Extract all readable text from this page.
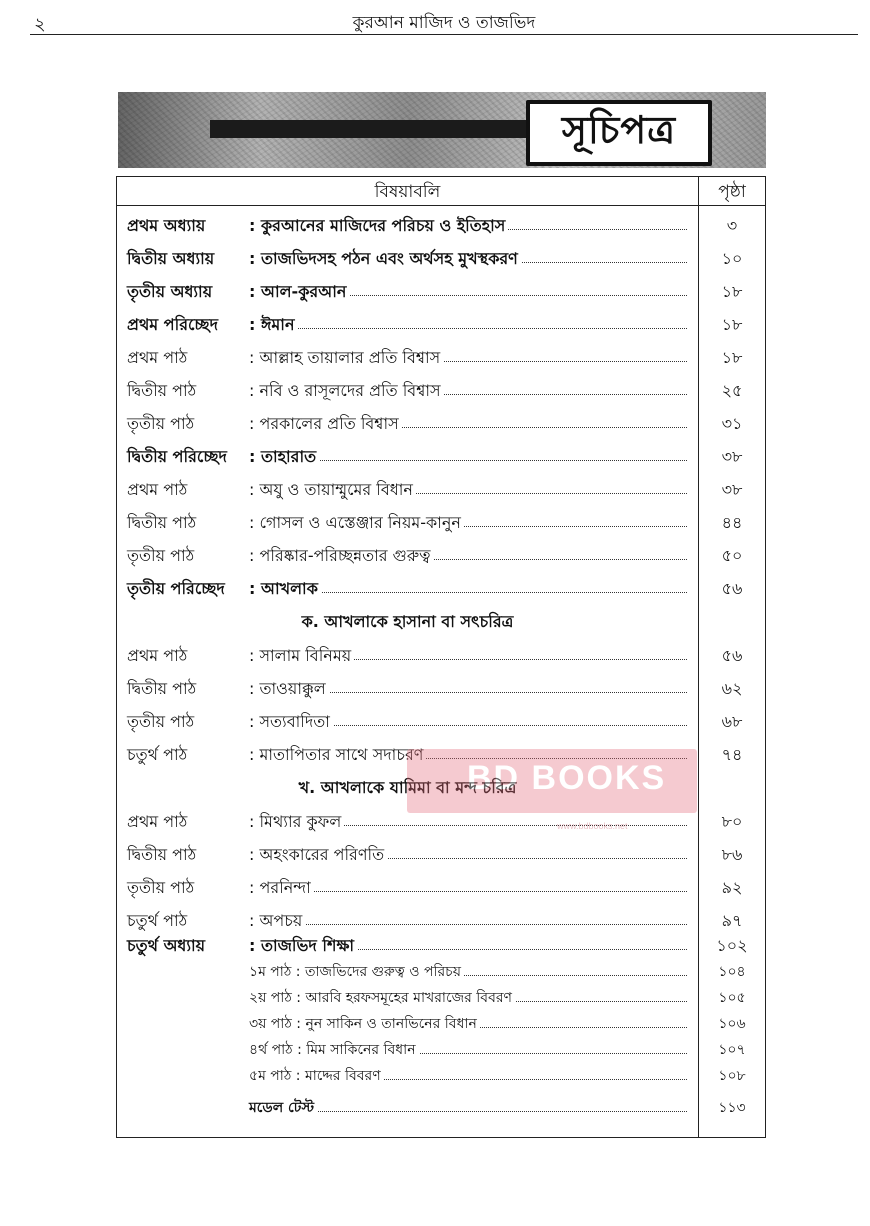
২	কুরআন মাজিদ ও তাজভিদ
সূচিপত্র
বিষয়াবলি	পৃষ্ঠা
BD BOOKS
www.bdbooks.net
প্রথম অধ্যায়	: কুরআনের মাজিদের পরিচয় ও ইতিহাস	৩
দ্বিতীয় অধ্যায় : তাজভিদসহ পঠন এবং অর্থসহ মুখস্থকরণ	১০
তৃতীয় অধ্যায় : আল-কুরআন	১৮
প্রথম পরিচ্ছেদ : ঈমান	১৮
প্রথম পাঠ	: আল্লাহ তায়ালার প্রতি বিশ্বাস	১৮
দ্বিতীয় পাঠ	: নবি ও রাসূলদের প্রতি বিশ্বাস	২৫
তৃতীয় পাঠ	: পরকালের প্রতি বিশ্বাস	৩১
দ্বিতীয় পরিচ্ছেদ : তাহারাত	৩৮
প্রথম পাঠ	: অযু ও তায়াম্মুমের বিধান	৩৮
দ্বিতীয় পাঠ	: গোসল ও এস্তেঞ্জার নিয়ম-কানুন	৪৪
তৃতীয় পাঠ	: পরিষ্কার-পরিচ্ছন্নতার গুরুত্ব	৫০
তৃতীয় পরিচ্ছেদ : আখলাক	৫৬
ক. আখলাকে হাসানা বা সৎচরিত্র
প্রথম পাঠ	: সালাম বিনিময়	৫৬
দ্বিতীয় পাঠ	: তাওয়াক্কুল	৬২
তৃতীয় পাঠ	: সত্যবাদিতা	৬৮
চতুর্থ পাঠ	: মাতাপিতার সাথে সদাচরণ	৭৪
খ. আখলাকে যামিমা বা মন্দ চরিত্র
প্রথম পাঠ	: মিথ্যার কুফল	৮০
দ্বিতীয় পাঠ	: অহংকারের পরিণতি	৮৬
তৃতীয় পাঠ	: পরনিন্দা	৯২
চতুর্থ পাঠ	: অপচয়	৯৭
চতুর্থ অধ্যায়	: তাজভিদ শিক্ষা	১০২
১ম পাঠ : তাজভিদের গুরুত্ব ও পরিচয়	১০৪
২য় পাঠ : আরবি হরফসমূহের মাখরাজের বিবরণ	১০৫
৩য় পাঠ : নুন সাকিন ও তানভিনের বিধান	১০৬
৪র্থ পাঠ : মিম সাকিনের বিধান	১০৭
৫ম পাঠ : মাদ্দের বিবরণ	১০৮
মডেল টেস্ট	১১৩
